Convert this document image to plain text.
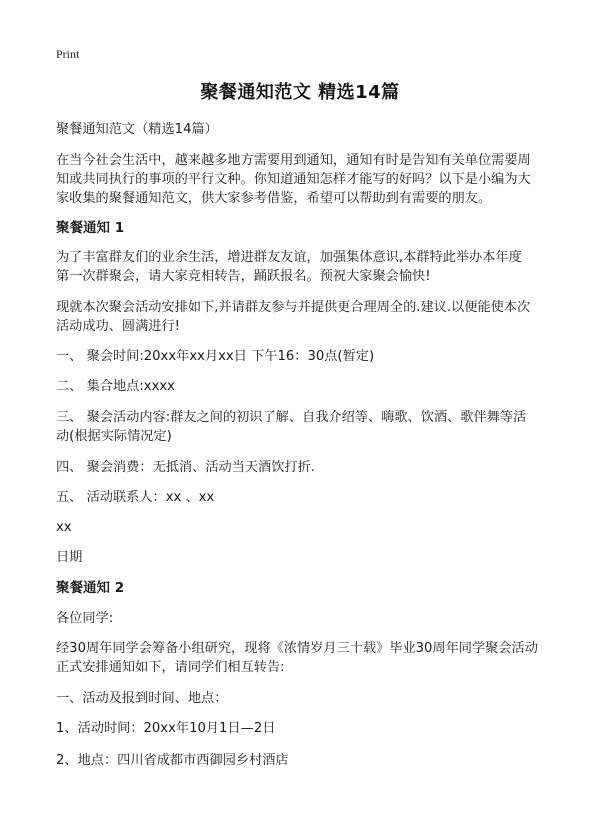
Print
聚餐通知范文 精选14篇
聚餐通知范文（精选14篇）
在当今社会生活中，越来越多地方需要用到通知，通知有时是告知有关单位需要周
知或共同执行的事项的平行文种。你知道通知怎样才能写的好吗？以下是小编为大
家收集的聚餐通知范文，供大家参考借鉴，希望可以帮助到有需要的朋友。
聚餐通知 1
为了丰富群友们的业余生活，增进群友友谊，加强集体意识,本群特此举办本年度
第一次群聚会，请大家竞相转告，踊跃报名。预祝大家聚会愉快!
现就本次聚会活动安排如下,并请群友参与并提供更合理周全的.建议.以便能使本次
活动成功、圆满进行!
一、 聚会时间:20xx年xx月xx日 下午16：30点(暂定)
二、 集合地点:xxxx
三、 聚会活动内容:群友之间的初识了解、自我介绍等、嗨歌、饮酒、歌伴舞等活
动(根据实际情况定)
四、 聚会消费：无抵消、活动当天酒饮打折.
五、 活动联系人：xx 、xx
xx
日期
聚餐通知 2
各位同学:
经30周年同学会筹备小组研究，现将《浓情岁月三十载》毕业30周年同学聚会活动
正式安排通知如下，请同学们相互转告:
一、活动及报到时间、地点：
1、活动时间：20xx年10月1日—2日
2、地点：四川省成都市西御园乡村酒店
